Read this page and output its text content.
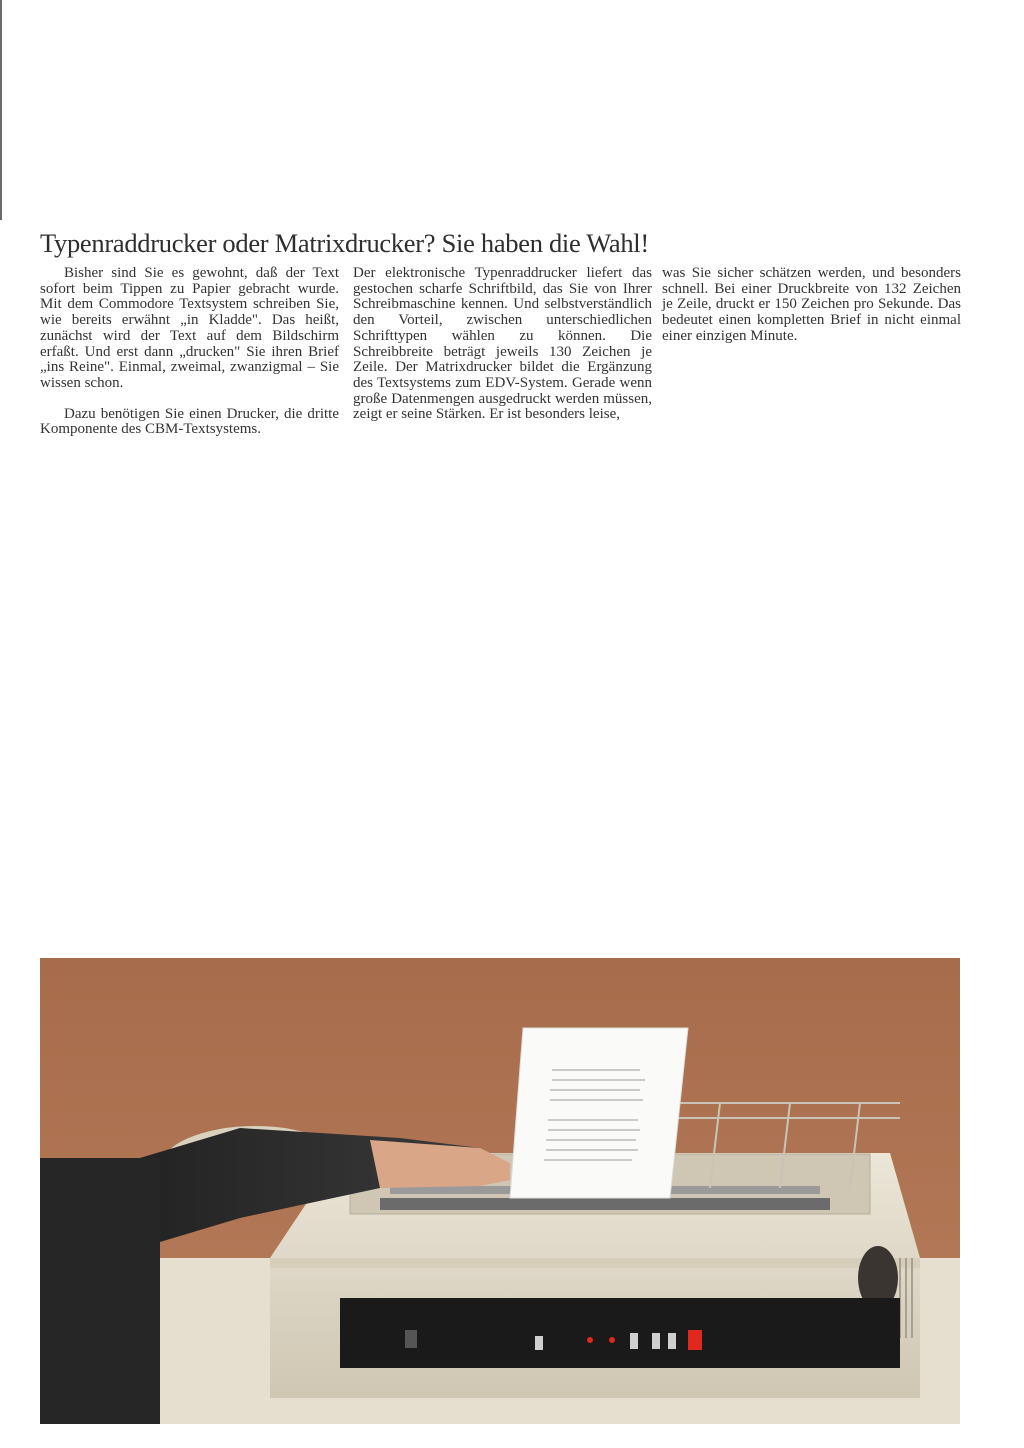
Typenraddrucker oder Matrixdrucker? Sie haben die Wahl!

Bisher sind Sie es gewohnt, daß der Text sofort beim Tippen zu Papier gebracht wurde. Mit dem Commodore Textsystem schreiben Sie, wie bereits erwähnt „in Kladde". Das heißt, zunächst wird der Text auf dem Bildschirm erfaßt. Und erst dann „drucken" Sie ihren Brief „ins Reine". Einmal, zweimal, zwanzigmal – Sie wissen schon.

Dazu benötigen Sie einen Drucker, die dritte Komponente des CBM-Textsystems.

Der elektronische Typenraddrucker liefert das gestochen scharfe Schriftbild, das Sie von Ihrer Schreibmaschine kennen. Und selbstverständlich den Vorteil, zwischen unterschiedlichen Schrifttypen wählen zu können. Die Schreibbreite beträgt jeweils 130 Zeichen je Zeile. Der Matrixdrucker bildet die Ergänzung des Textsystems zum EDV-System. Gerade wenn große Datenmengen ausgedruckt werden müssen, zeigt er seine Stärken. Er ist besonders leise,

was Sie sicher schätzen werden, und besonders schnell. Bei einer Druckbreite von 132 Zeichen je Zeile, druckt er 150 Zeichen pro Sekunde. Das bedeutet einen kompletten Brief in nicht einmal einer einzigen Minute.
